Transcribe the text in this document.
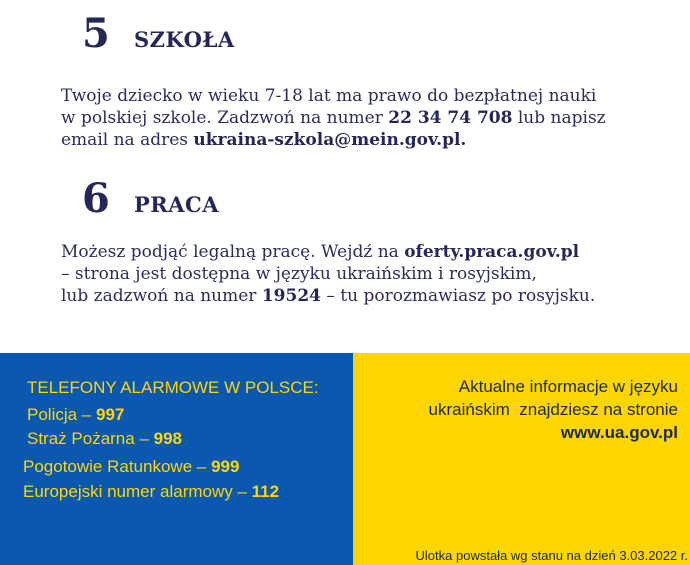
5	SZKOŁA
Twoje dziecko w wieku 7-18 lat ma prawo do bezpłatnej nauki
w polskiej szkole. Zadzwoń na numer 22 34 74 708 lub napisz
email na adres ukraina-szkola@mein.gov.pl.
6	PRACA
Możesz podjąć legalną pracę. Wejdź na oferty.praca.gov.pl
– strona jest dostępna w języku ukraińskim i rosyjskim,
lub zadzwoń na numer 19524 – tu porozmawiasz po rosyjsku.
TELEFONY ALARMOWE W POLSCE:
Policja – 997
Straż Pożarna – 998
Pogotowie Ratunkowe – 999
Europejski numer alarmowy – 112
Aktualne informacje w języku
ukraińskim  znajdziesz na stronie
www.ua.gov.pl
Ulotka powstała wg stanu na dzień 3.03.2022 r.
